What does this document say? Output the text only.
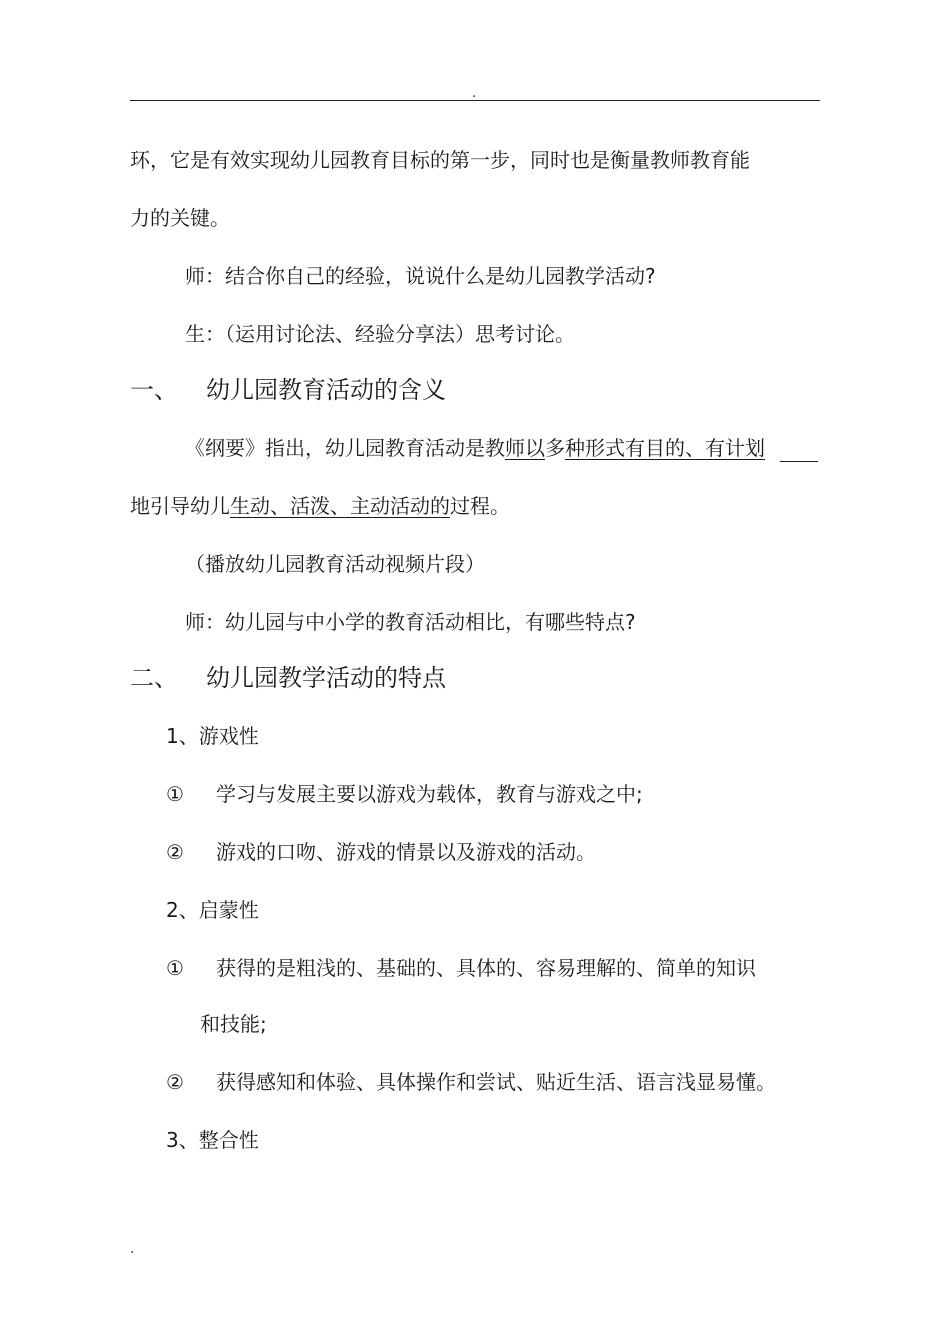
.
环，它是有效实现幼儿园教育目标的第一步，同时也是衡量教师教育能
力的关键。
师：结合你自己的经验，说说什么是幼儿园教学活动?
生：（运用讨论法、经验分享法）思考讨论。
一、 幼儿园教育活动的含义
《纲要》指出，幼儿园教育活动是教师以多种形式有目的、有计划
地引导幼儿生动、活泼、主动活动的过程。
（播放幼儿园教育活动视频片段）
师：幼儿园与中小学的教育活动相比，有哪些特点?
二、 幼儿园教学活动的特点
1、游戏性
① 学习与发展主要以游戏为载体，教育与游戏之中;
② 游戏的口吻、游戏的情景以及游戏的活动。
2、启蒙性
① 获得的是粗浅的、基础的、具体的、容易理解的、简单的知识
和技能;
② 获得感知和体验、具体操作和尝试、贴近生活、语言浅显易懂。
3、整合性
.
